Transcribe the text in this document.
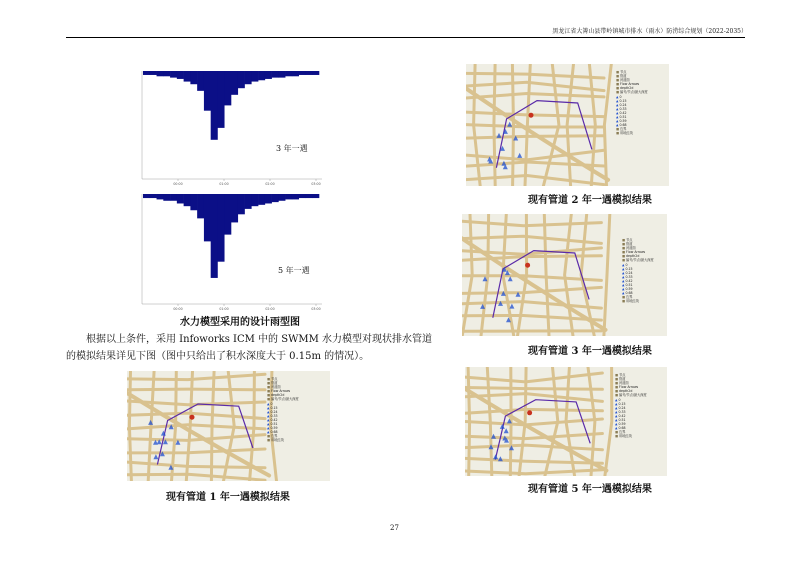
黑龙江省大箐山县带岭镇城市排水（雨水）防涝综合规划（2022-2035）
00:00	01:00	02:00	03:00
3 年一遇
00:00	01:00	02:00	03:00
5 年一遇
水力模型采用的设计雨型图
根据以上条件，采用 Infoworks ICM 中的 SWMM 水力模型对现状排水管道
的模拟结果详见下图（图中只给出了积水深度大于 0.15m 的情况）。
■ 节点
■ 管道
■ 河道面
■ Flow Arrows
■ depth2d
■ 编号/节点/最大深度
▲ 0
▲ 0.15
▲ 0.24
▲ 0.33
▲ 0.42
▲ 0.51
▲ 0.59
▲ 0.68
■ 边界
■ 用地红线
现有管道 1 年一遇模拟结果
■ 节点
■ 管道
■ 河道面
■ Flow Arrows
■ depth2d
■ 编号/节点/最大深度
▲ 0
▲ 0.15
▲ 0.24
▲ 0.33
▲ 0.42
▲ 0.51
▲ 0.59
▲ 0.68
■ 边界
■ 用地红线
现有管道 2 年一遇模拟结果
■ 节点
■ 管道
■ 河道面
■ Flow Arrows
■ depth2d
■ 编号/节点/最大深度
▲ 0
▲ 0.15
▲ 0.24
▲ 0.33
▲ 0.42
▲ 0.51
▲ 0.59
▲ 0.68
■ 边界
■ 用地红线
现有管道 3 年一遇模拟结果
■ 节点
■ 管道
■ 河道面
■ Flow Arrows
■ depth2d
■ 编号/节点/最大深度
▲ 0
▲ 0.15
▲ 0.24
▲ 0.33
▲ 0.42
▲ 0.51
▲ 0.59
▲ 0.68
■ 边界
■ 用地红线
现有管道 5 年一遇模拟结果
27
